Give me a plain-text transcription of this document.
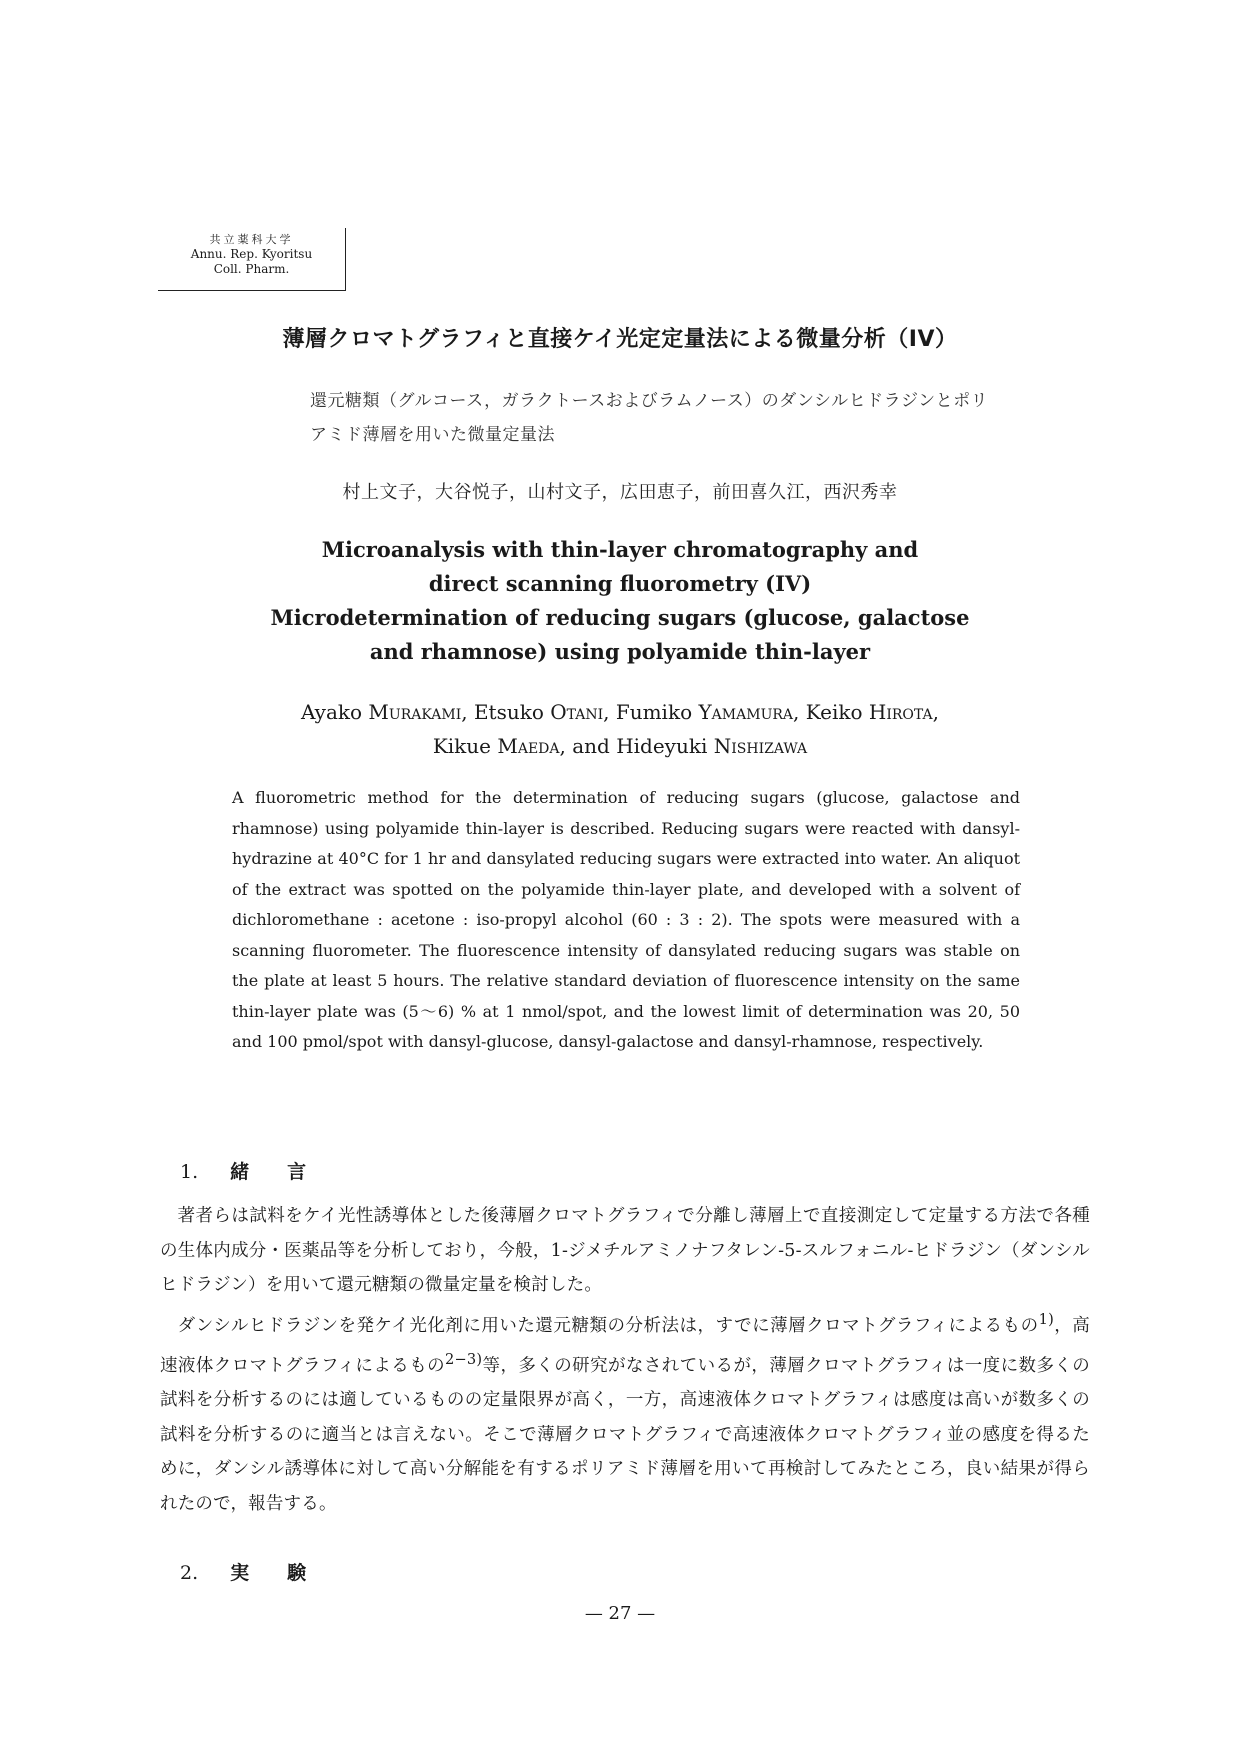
共立薬科大学
Annu. Rep. Kyoritsu
Coll. Pharm.
薄層クロマトグラフィと直接ケイ光定定量法による微量分析（IV）
還元糖類（グルコース，ガラクトースおよびラムノース）のダンシルヒドラジンとポリアミド薄層を用いた微量定量法
村上文子，大谷悦子，山村文子，広田恵子，前田喜久江，西沢秀幸
Microanalysis with thin-layer chromatography and
direct scanning fluorometry (IV)
Microdetermination of reducing sugars (glucose, galactose
and rhamnose) using polyamide thin-layer
Ayako Murakami, Etsuko Otani, Fumiko Yamamura, Keiko Hirota,
Kikue Maeda, and Hideyuki Nishizawa
A fluorometric method for the determination of reducing sugars (glucose, galactose and rhamnose) using polyamide thin-layer is described. Reducing sugars were reacted with dansyl-hydrazine at 40°C for 1 hr and dansylated reducing sugars were extracted into water. An aliquot of the extract was spotted on the polyamide thin-layer plate, and developed with a solvent of dichloromethane : acetone : iso-propyl alcohol (60 : 3 : 2). The spots were measured with a scanning fluorometer. The fluorescence intensity of dansylated reducing sugars was stable on the plate at least 5 hours. The relative standard deviation of fluorescence intensity on the same thin-layer plate was (5～6) % at 1 nmol/spot, and the lowest limit of determination was 20, 50 and 100 pmol/spot with dansyl-glucose, dansyl-galactose and dansyl-rhamnose, respectively.
1. 緒　　言

著者らは試料をケイ光性誘導体とした後薄層クロマトグラフィで分離し薄層上で直接測定して定量する方法で各種の生体内成分・医薬品等を分析しており，今般，1-ジメチルアミノナフタレン-5-スルフォニル-ヒドラジン（ダンシルヒドラジン）を用いて還元糖類の微量定量を検討した。

ダンシルヒドラジンを発ケイ光化剤に用いた還元糖類の分析法は，すでに薄層クロマトグラフィによるもの$^{1)}$，高速液体クロマトグラフィによるもの$^{2-3)}$等，多くの研究がなされているが，薄層クロマトグラフィは一度に数多くの試料を分析するのには適しているものの定量限界が高く，一方，高速液体クロマトグラフィは感度は高いが数多くの試料を分析するのに適当とは言えない。そこで薄層クロマトグラフィで高速液体クロマトグラフィ並の感度を得るために，ダンシル誘導体に対して高い分解能を有するポリアミド薄層を用いて再検討してみたところ，良い結果が得られたので，報告する。

2. 実　　験
— 27 —
